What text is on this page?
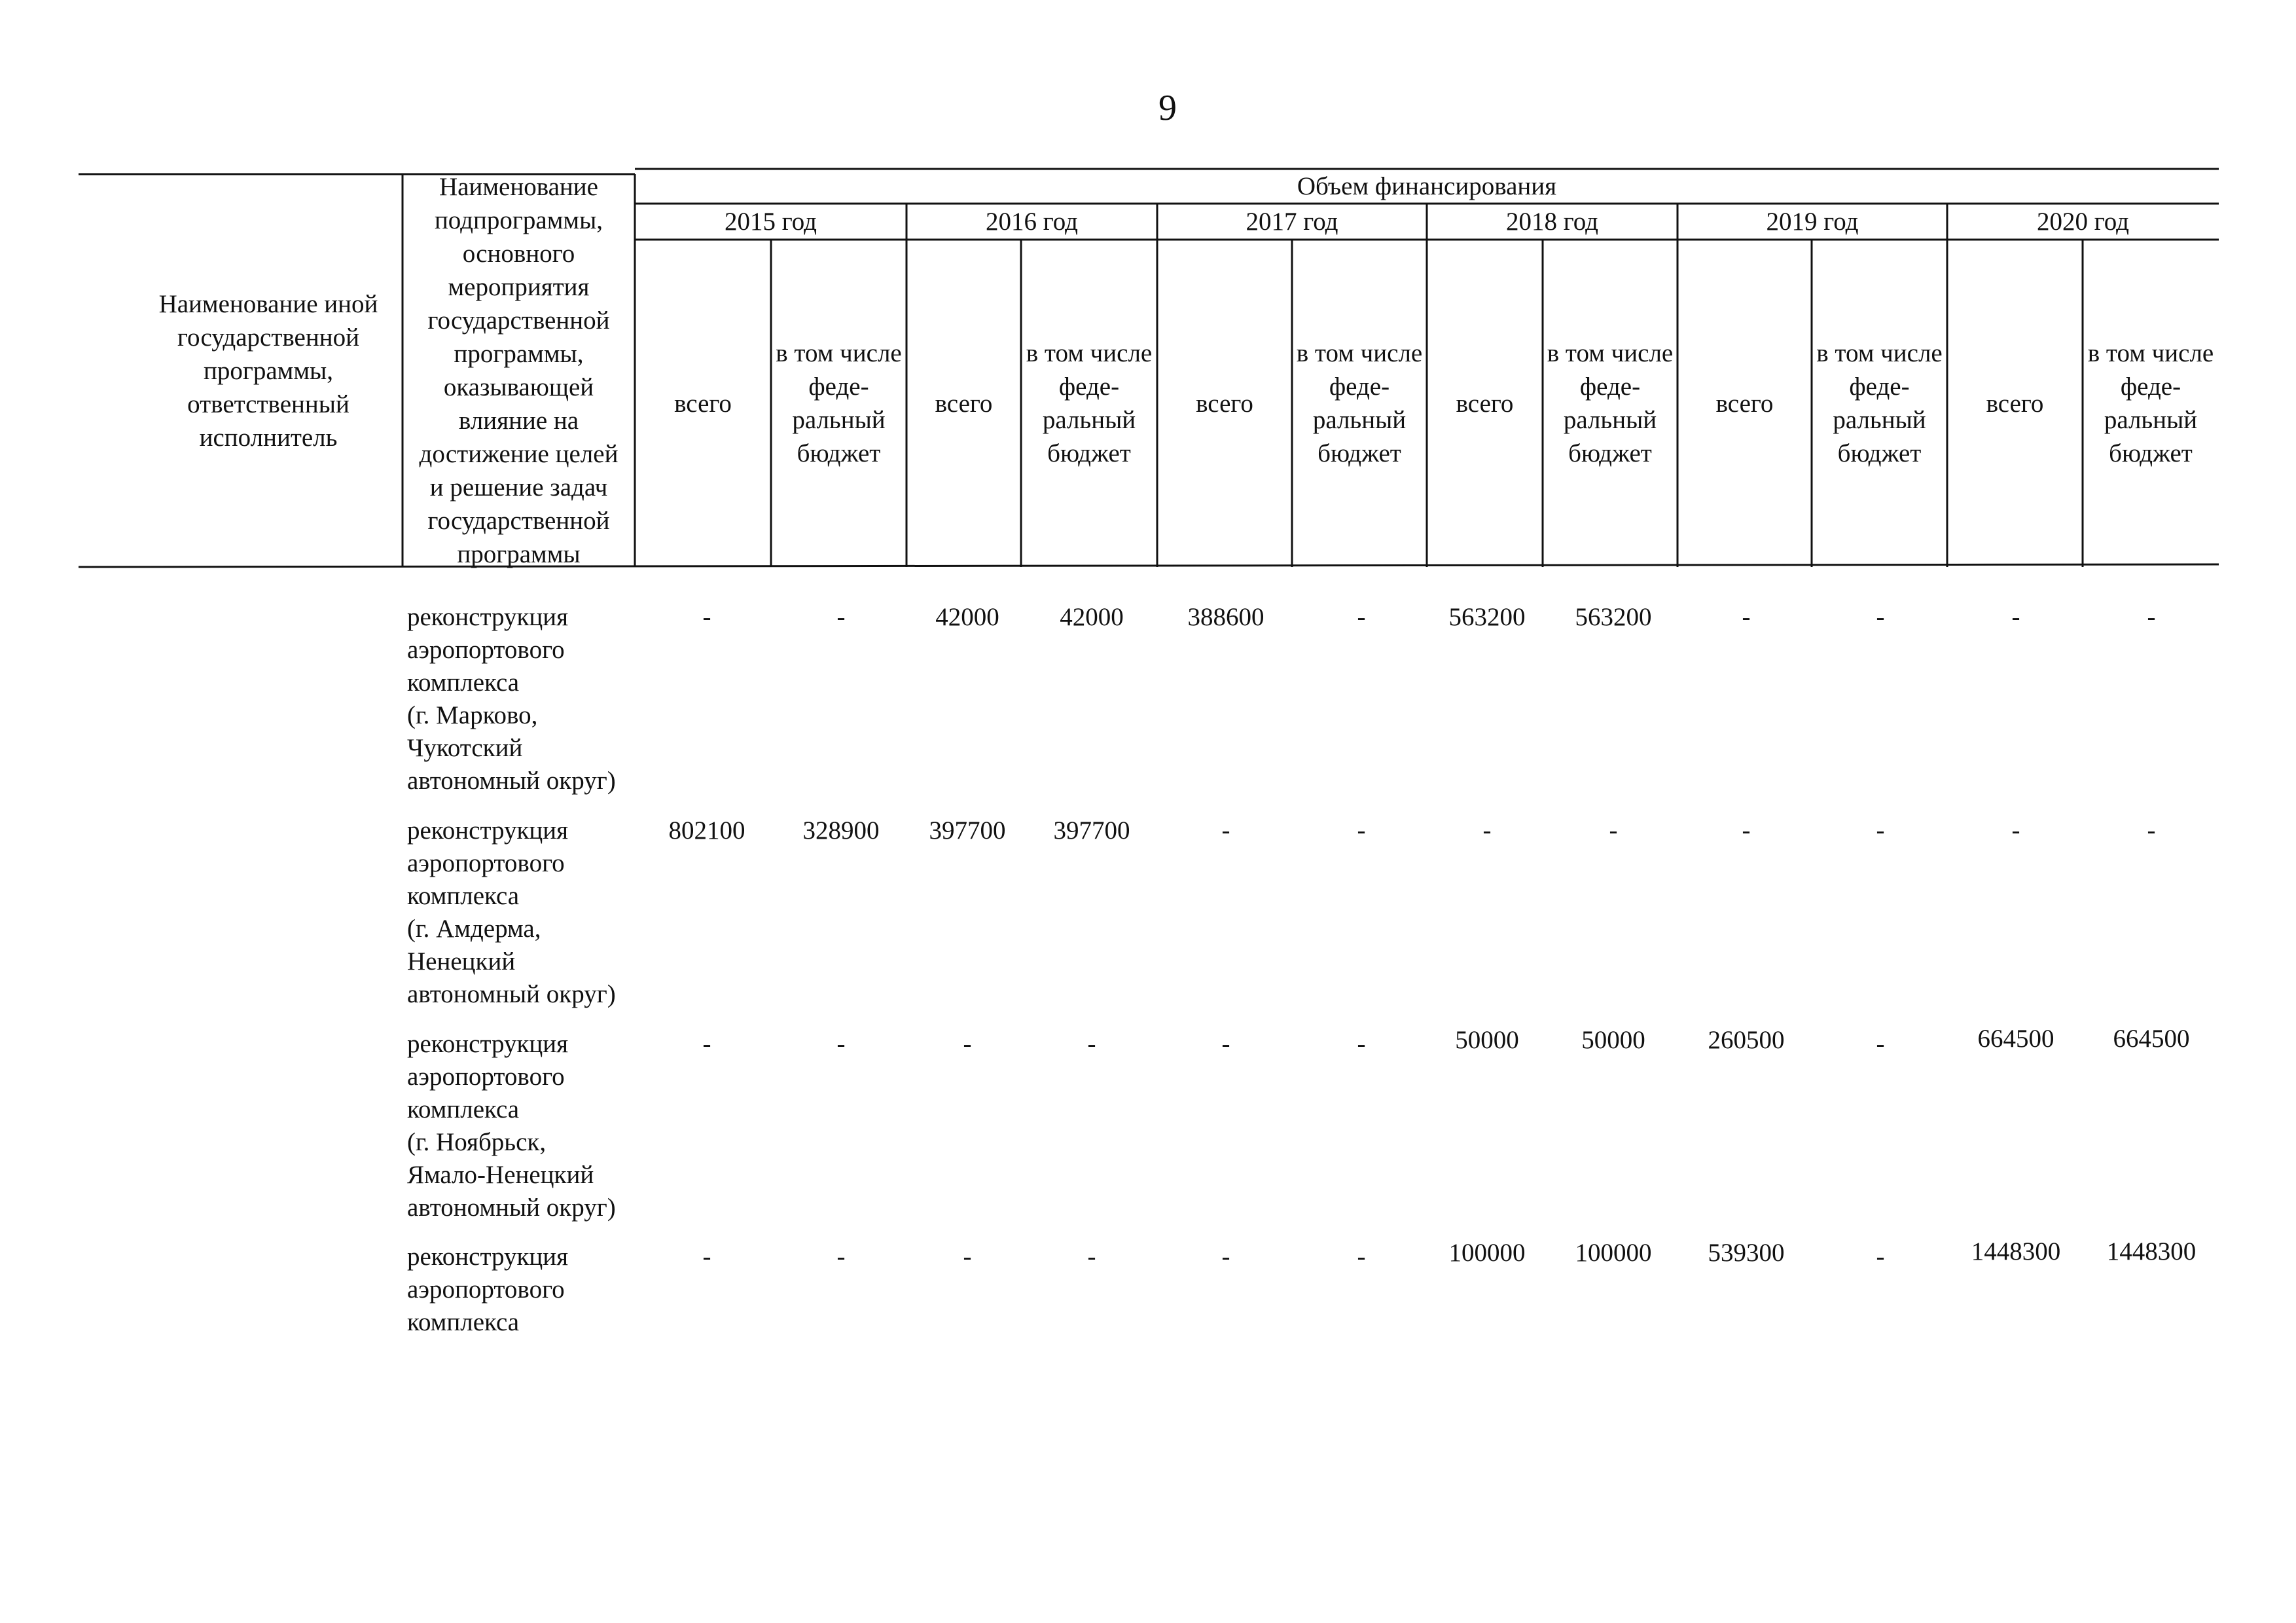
9
Наименование иной
государственной
программы,
ответственный
исполнитель
Наименование
подпрограммы,
основного
мероприятия
государственной
программы,
оказывающей
влияние на
достижение целей
и решение задач
государственной
программы
Объем финансирования
2015 год	2016 год	2017 год	2018 год	2019 год	2020 год
всего
в том числе
феде-
ральный
бюджет
всего
в том числе
феде-
ральный
бюджет
всего
в том числе
феде-
ральный
бюджет
всего
в том числе
феде-
ральный
бюджет
всего
в том числе
феде-
ральный
бюджет
всего
в том числе
феде-
ральный
бюджет
реконструкция
аэропортового
комплекса
(г. Марково,
Чукотский
автономный округ)
-	-	42000	42000	388600	-	563200	563200	-	-	-	-
реконструкция
аэропортового
комплекса
(г. Амдерма,
Ненецкий
автономный округ)
802100	328900	397700	397700	-	-	-	-	-	-	-	-
реконструкция
аэропортового
комплекса
(г. Ноябрьск,
Ямало-Ненецкий
автономный округ)
-	-	-	-	-	-	50000	50000	260500	-	664500	664500
реконструкция
аэропортового
комплекса
-	-	-	-	-	-	100000	100000	539300	-	1448300	1448300
